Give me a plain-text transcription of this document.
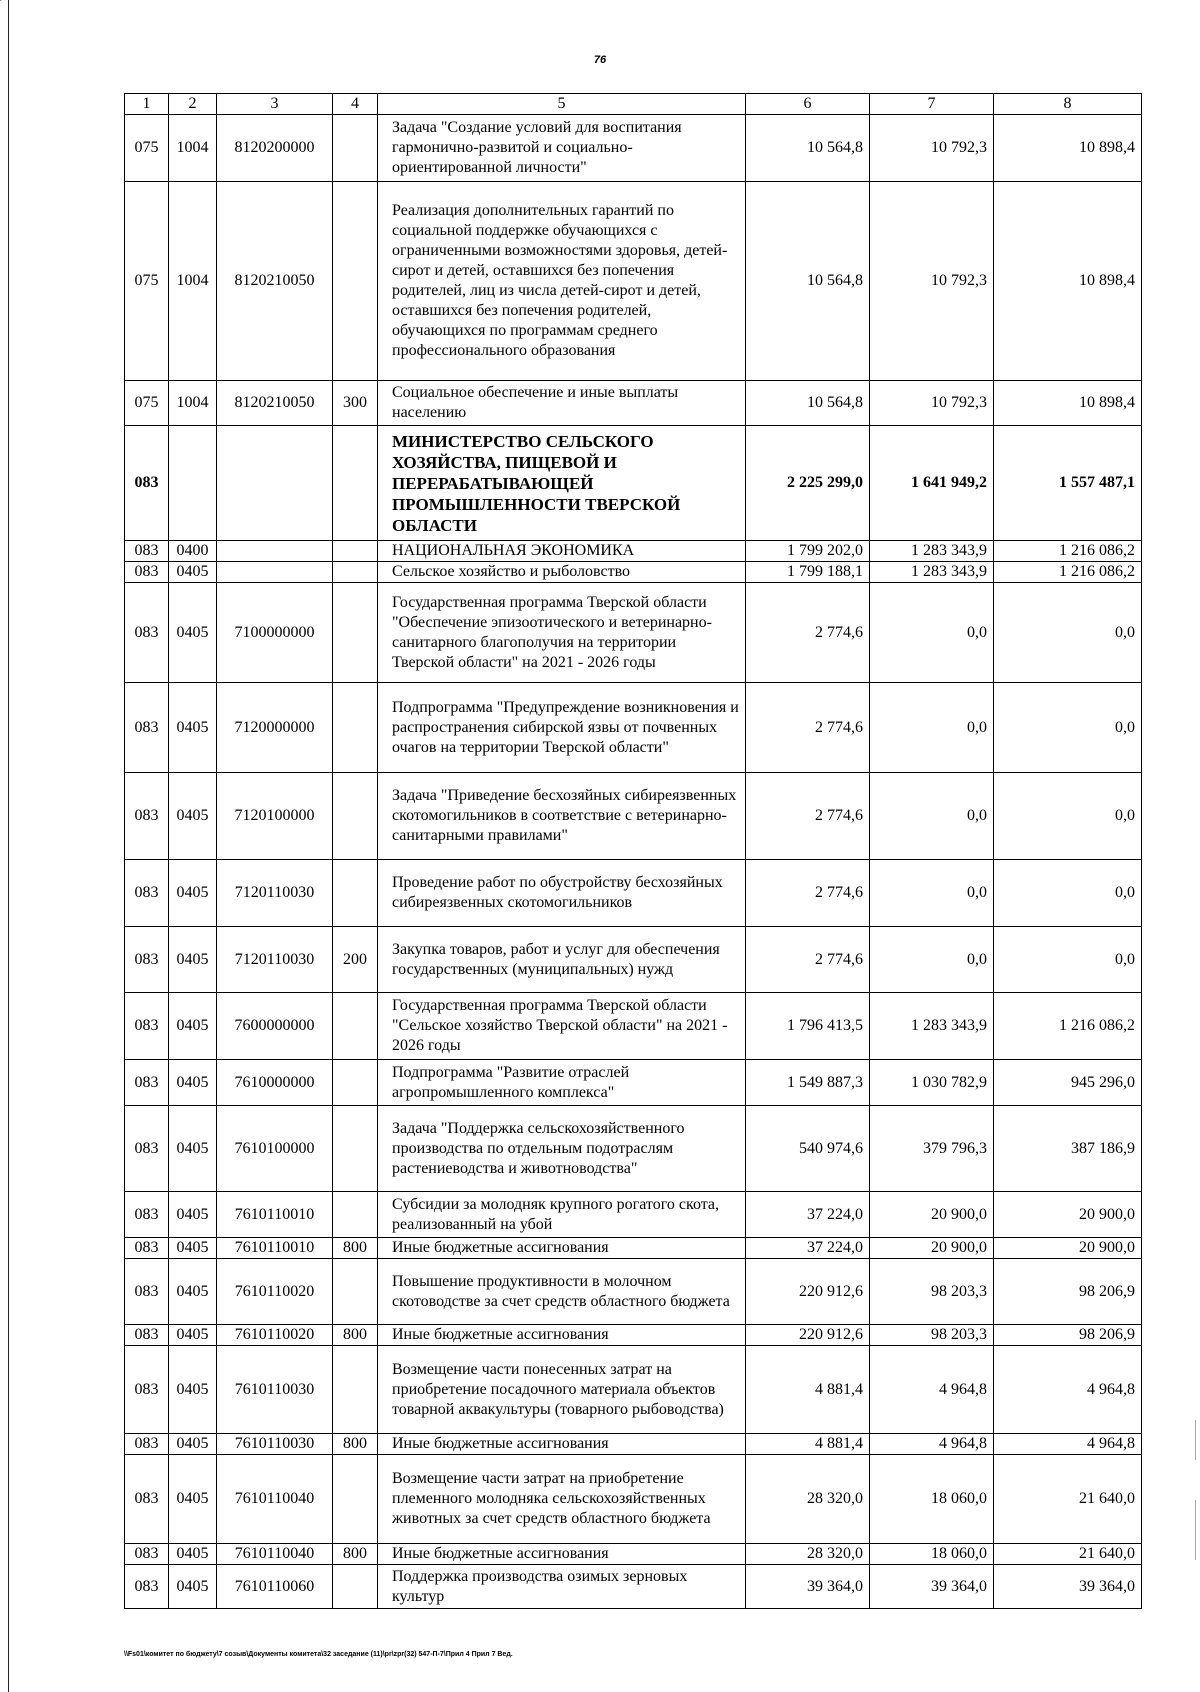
76
1	2	3	4	5	6	7	8
075	1004	8120200000		Задача "Создание условий для воспитания гармонично-развитой и социально-ориентированной личности"	10 564,8	10 792,3	10 898,4
075	1004	8120210050		Реализация дополнительных гарантий по социальной поддержке обучающихся с ограниченными возможностями здоровья, детей-сирот и детей, оставшихся без попечения родителей, лиц из числа детей-сирот и детей, оставшихся без попечения родителей, обучающихся по программам среднего профессионального образования	10 564,8	10 792,3	10 898,4
075	1004	8120210050	300	Социальное обеспечение и иные выплаты населению	10 564,8	10 792,3	10 898,4
083				МИНИСТЕРСТВО СЕЛЬСКОГО ХОЗЯЙСТВА, ПИЩЕВОЙ И ПЕРЕРАБАТЫВАЮЩЕЙ ПРОМЫШЛЕННОСТИ ТВЕРСКОЙ ОБЛАСТИ	2 225 299,0	1 641 949,2	1 557 487,1
083	0400			НАЦИОНАЛЬНАЯ ЭКОНОМИКА	1 799 202,0	1 283 343,9	1 216 086,2
083	0405			Сельское хозяйство и рыболовство	1 799 188,1	1 283 343,9	1 216 086,2
083	0405	7100000000		Государственная программа Тверской области "Обеспечение эпизоотического и ветеринарно-санитарного благополучия на территории Тверской области" на 2021 - 2026 годы	2 774,6	0,0	0,0
083	0405	7120000000		Подпрограмма "Предупреждение возникновения и распространения сибирской язвы от почвенных очагов на территории Тверской области"	2 774,6	0,0	0,0
083	0405	7120100000		Задача "Приведение бесхозяйных сибиреязвенных скотомогильников в соответствие с ветеринарно-санитарными правилами"	2 774,6	0,0	0,0
083	0405	7120110030		Проведение работ по обустройству бесхозяйных сибиреязвенных скотомогильников	2 774,6	0,0	0,0
083	0405	7120110030	200	Закупка товаров, работ и услуг для обеспечения государственных (муниципальных) нужд	2 774,6	0,0	0,0
083	0405	7600000000		Государственная программа Тверской области "Сельское хозяйство Тверской области" на 2021 - 2026 годы	1 796 413,5	1 283 343,9	1 216 086,2
083	0405	7610000000		Подпрограмма "Развитие отраслей агропромышленного комплекса"	1 549 887,3	1 030 782,9	945 296,0
083	0405	7610100000		Задача "Поддержка сельскохозяйственного производства по отдельным подотраслям растениеводства и животноводства"	540 974,6	379 796,3	387 186,9
083	0405	7610110010		Субсидии за молодняк крупного рогатого скота, реализованный на убой	37 224,0	20 900,0	20 900,0
083	0405	7610110010	800	Иные бюджетные ассигнования	37 224,0	20 900,0	20 900,0
083	0405	7610110020		Повышение продуктивности в молочном скотоводстве за счет средств областного бюджета	220 912,6	98 203,3	98 206,9
083	0405	7610110020	800	Иные бюджетные ассигнования	220 912,6	98 203,3	98 206,9
083	0405	7610110030		Возмещение части понесенных затрат на приобретение посадочного материала объектов товарной аквакультуры (товарного рыбоводства)	4 881,4	4 964,8	4 964,8
083	0405	7610110030	800	Иные бюджетные ассигнования	4 881,4	4 964,8	4 964,8
083	0405	7610110040		Возмещение части затрат на приобретение племенного молодняка сельскохозяйственных животных за счет средств областного бюджета	28 320,0	18 060,0	21 640,0
083	0405	7610110040	800	Иные бюджетные ассигнования	28 320,0	18 060,0	21 640,0
083	0405	7610110060		Поддержка производства озимых зерновых культур	39 364,0	39 364,0	39 364,0
\\Fs01\комитет по бюджету\7 созыв\Документы комитета\32 заседание (11)\pr\zpr(32) 547-П-7\Прил 4 Прил 7 Вед.
